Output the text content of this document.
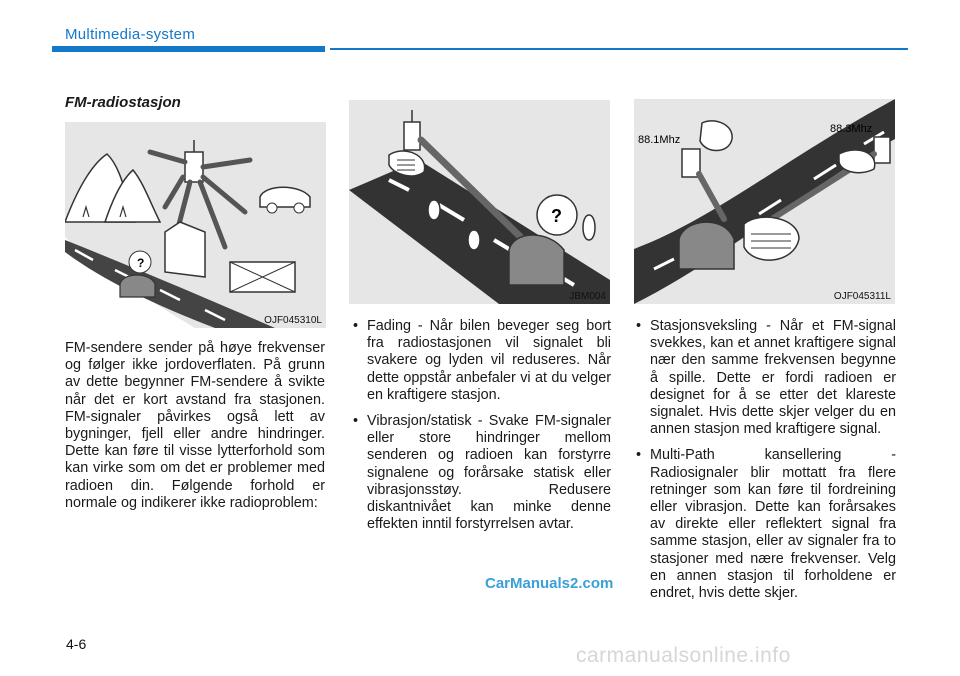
Multimedia-system
FM-radiostasjon
?
OJF045310L
?
JBM004
88.1Mhz
88.3Mhz
OJF045311L

FM-sendere sender på høye frekvenser og følger ikke jordoverflaten. På grunn av dette begynner FM-sendere å svikte når det er kort avstand fra stasjonen. FM-signaler påvirkes også lett av bygninger, fjell eller andre hindringer. Dette kan føre til visse lytterforhold som kan virke som om det er problemer med radioen din. Følgende forhold er normale og indikerer ikke radioproblem:

• Fading - Når bilen beveger seg bort fra radiostasjonen vil signalet bli svakere og lyden vil reduseres. Når dette oppstår anbefaler vi at du velger en kraftigere stasjon.
• Vibrasjon/statisk - Svake FM-signaler eller store hindringer mellom senderen og radioen kan forstyrre signalene og forårsake statisk eller vibrasjonsstøy. Redusere diskantnivået kan minke denne effekten inntil forstyrrelsen avtar.
• Stasjonsveksling - Når et FM-signal svekkes, kan et annet kraftigere signal nær den samme frekvensen begynne å spille. Dette er fordi radioen er designet for å se etter det klareste signalet. Hvis dette skjer velger du en annen stasjon med kraftigere signal.
• Multi-Path kansellering - Radiosignaler blir mottatt fra flere retninger som kan føre til fordreining eller vibrasjon. Dette kan forårsakes av direkte eller reflektert signal fra samme stasjon, eller av signaler fra to stasjoner med nære frekvenser. Velg en annen stasjon til forholdene er endret, hvis dette skjer.
CarManuals2.com
4-6	carmanualsonline.info
